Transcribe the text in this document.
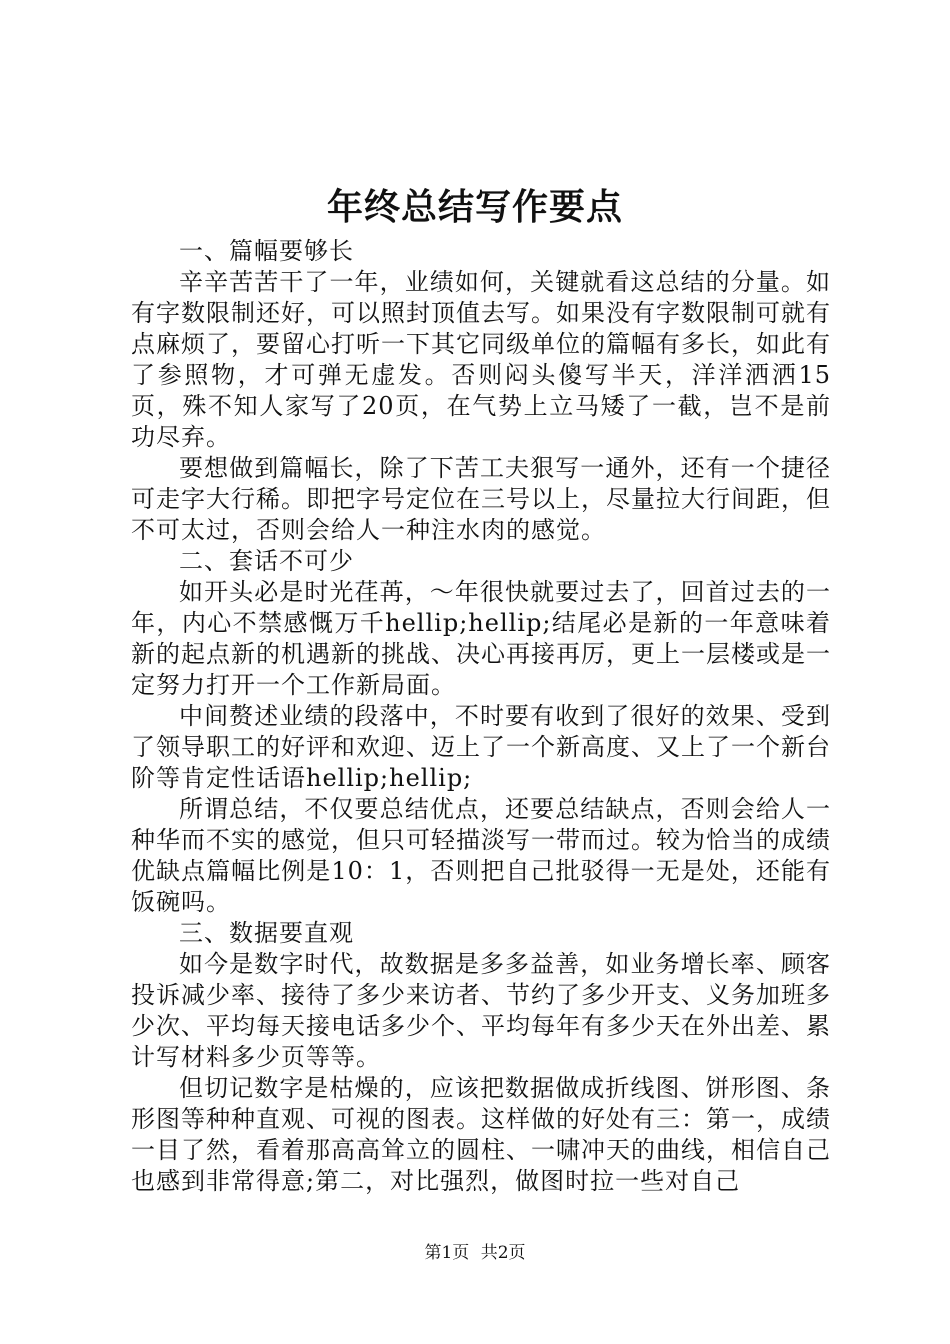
年终总结写作要点

一、篇幅要够长

辛辛苦苦干了一年，业绩如何，关键就看这总结的分量。如有字数限制还好，可以照封顶值去写。如果没有字数限制可就有点麻烦了，要留心打听一下其它同级单位的篇幅有多长，如此有了参照物，才可弹无虚发。否则闷头傻写半天，洋洋洒洒15页，殊不知人家写了20页，在气势上立马矮了一截，岂不是前功尽弃。

要想做到篇幅长，除了下苦工夫狠写一通外，还有一个捷径可走字大行稀。即把字号定位在三号以上，尽量拉大行间距，但不可太过，否则会给人一种注水肉的感觉。

二、套话不可少

如开头必是时光荏苒，～年很快就要过去了，回首过去的一年，内心不禁感慨万千hellip;hellip;结尾必是新的一年意味着新的起点新的机遇新的挑战、决心再接再厉，更上一层楼或是一定努力打开一个工作新局面。

中间赘述业绩的段落中，不时要有收到了很好的效果、受到了领导职工的好评和欢迎、迈上了一个新高度、又上了一个新台阶等肯定性话语hellip;hellip;

所谓总结，不仅要总结优点，还要总结缺点，否则会给人一种华而不实的感觉，但只可轻描淡写一带而过。较为恰当的成绩优缺点篇幅比例是10：1，否则把自己批驳得一无是处，还能有饭碗吗。

三、数据要直观

如今是数字时代，故数据是多多益善，如业务增长率、顾客投诉减少率、接待了多少来访者、节约了多少开支、义务加班多少次、平均每天接电话多少个、平均每年有多少天在外出差、累计写材料多少页等等。

但切记数字是枯燥的，应该把数据做成折线图、饼形图、条形图等种种直观、可视的图表。这样做的好处有三：第一，成绩一目了然，看着那高高耸立的圆柱、一啸冲天的曲线，相信自己也感到非常得意;第二，对比强烈，做图时拉一些对自己

第1页 共2页
